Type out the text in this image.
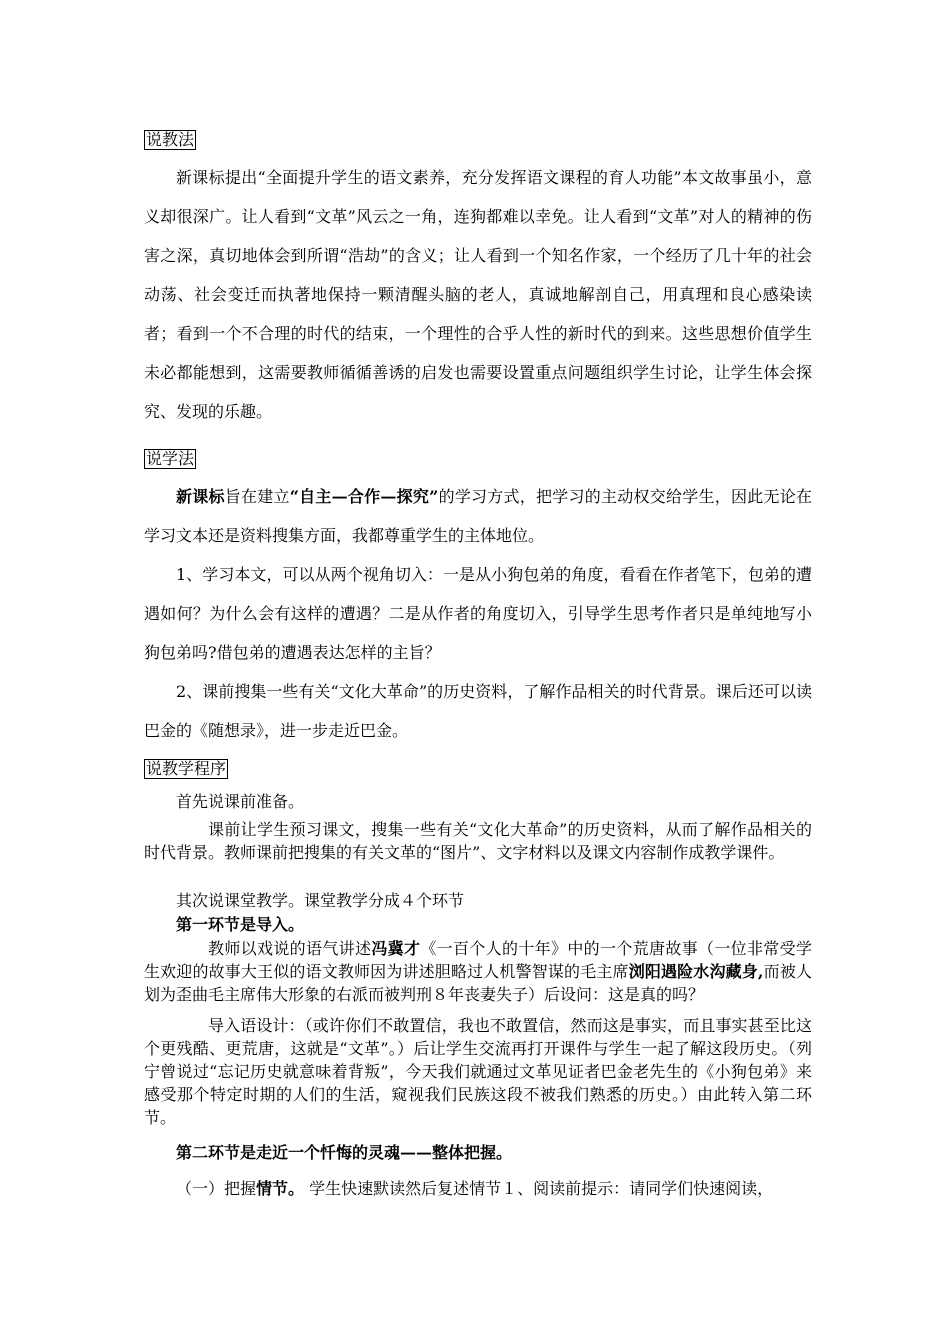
说教法

新课标提出“全面提升学生的语文素养，充分发挥语文课程的育人功能”本文故事虽小，意义却很深广。让人看到“文革”风云之一角，连狗都难以幸免。让人看到“文革”对人的精神的伤害之深，真切地体会到所谓“浩劫”的含义；让人看到一个知名作家，一个经历了几十年的社会动荡、社会变迁而执著地保持一颗清醒头脑的老人，真诚地解剖自己，用真理和良心感染读者；看到一个不合理的时代的结束，一个理性的合乎人性的新时代的到来。这些思想价值学生未必都能想到，这需要教师循循善诱的启发也需要设置重点问题组织学生讨论，让学生体会探究、发现的乐趣。

说学法

新课标旨在建立“自主—合作—探究”的学习方式，把学习的主动权交给学生，因此无论在学习文本还是资料搜集方面，我都尊重学生的主体地位。

1、学习本文，可以从两个视角切入：一是从小狗包弟的角度，看看在作者笔下，包弟的遭遇如何？为什么会有这样的遭遇？二是从作者的角度切入，引导学生思考作者只是单纯地写小狗包弟吗?借包弟的遭遇表达怎样的主旨？

2、课前搜集一些有关“文化大革命”的历史资料，了解作品相关的时代背景。课后还可以读巴金的《随想录》，进一步走近巴金。

说教学程序
首先说课前准备。

课前让学生预习课文，搜集一些有关“文化大革命”的历史资料，从而了解作品相关的时代背景。教师课前把搜集的有关文革的“图片”、文字材料以及课文内容制作成教学课件。

其次说课堂教学。课堂教学分成４个环节
第一环节是导入。

教师以戏说的语气讲述冯冀才《一百个人的十年》中的一个荒唐故事（一位非常受学生欢迎的故事大王似的语文教师因为讲述胆略过人机警智谋的毛主席浏阳遇险水沟藏身,而被人划为歪曲毛主席伟大形象的右派而被判刑８年丧妻失子）后设问：这是真的吗？

导入语设计：（或许你们不敢置信，我也不敢置信，然而这是事实，而且事实甚至比这个更残酷、更荒唐，这就是“文革”。）后让学生交流再打开课件与学生一起了解这段历史。（列宁曾说过“忘记历史就意味着背叛”，今天我们就通过文革见证者巴金老先生的《小狗包弟》来感受那个特定时期的人们的生活，窥视我们民族这段不被我们熟悉的历史。）由此转入第二环节。

第二环节是走近一个忏悔的灵魂——整体把握。

（一）把握情节。 学生快速默读然后复述情节１、阅读前提示：请同学们快速阅读，
